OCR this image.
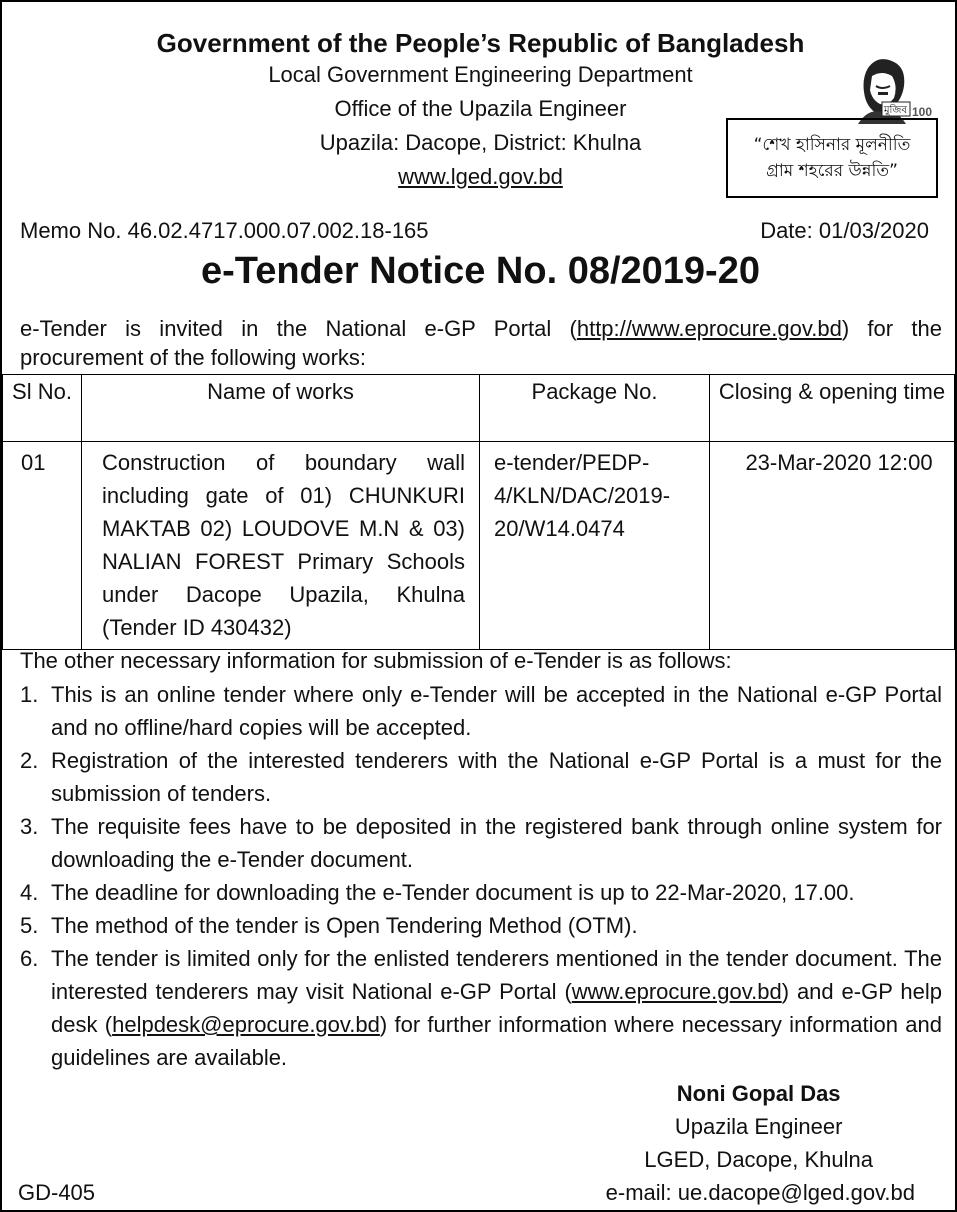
Government of the People’s Republic of Bangladesh
Local Government Engineering Department
Office of the Upazila Engineer
Upazila: Dacope, District: Khulna
www.lged.gov.bd
মুজিব 100
“শেখ হাসিনার মূলনীতি
গ্রাম শহরের উন্নতি”
Memo No. 46.02.4717.000.07.002.18-165	Date: 01/03/2020
e-Tender Notice No. 08/2019-20
e-Tender is invited in the National e-GP Portal (http://www.eprocure.gov.bd) for the
procurement of the following works:
Sl No.	Name of works	Package No.	Closing & opening time
01	Construction of boundary wall including gate of 01) CHUNKURI MAKTAB 02) LOUDOVE M.N & 03) NALIAN FOREST Primary Schools under Dacope Upazila, Khulna (Tender ID 430432)	e-tender/PEDP-4/KLN/DAC/2019-20/W14.0474	23-Mar-2020 12:00
The other necessary information for submission of e-Tender is as follows:
1. This is an online tender where only e-Tender will be accepted in the National e-GP Portal and no offline/hard copies will be accepted.
2. Registration of the interested tenderers with the National e-GP Portal is a must for the submission of tenders.
3. The requisite fees have to be deposited in the registered bank through online system for downloading the e-Tender document.
4. The deadline for downloading the e-Tender document is up to 22-Mar-2020, 17.00.
5. The method of the tender is Open Tendering Method (OTM).
6. The tender is limited only for the enlisted tenderers mentioned in the tender document. The interested tenderers may visit National e-GP Portal (www.eprocure.gov.bd) and e-GP help desk (helpdesk@eprocure.gov.bd) for further information where necessary information and guidelines are available.
Noni Gopal Das
Upazila Engineer
LGED, Dacope, Khulna
GD-405	e-mail: ue.dacope@lged.gov.bd
